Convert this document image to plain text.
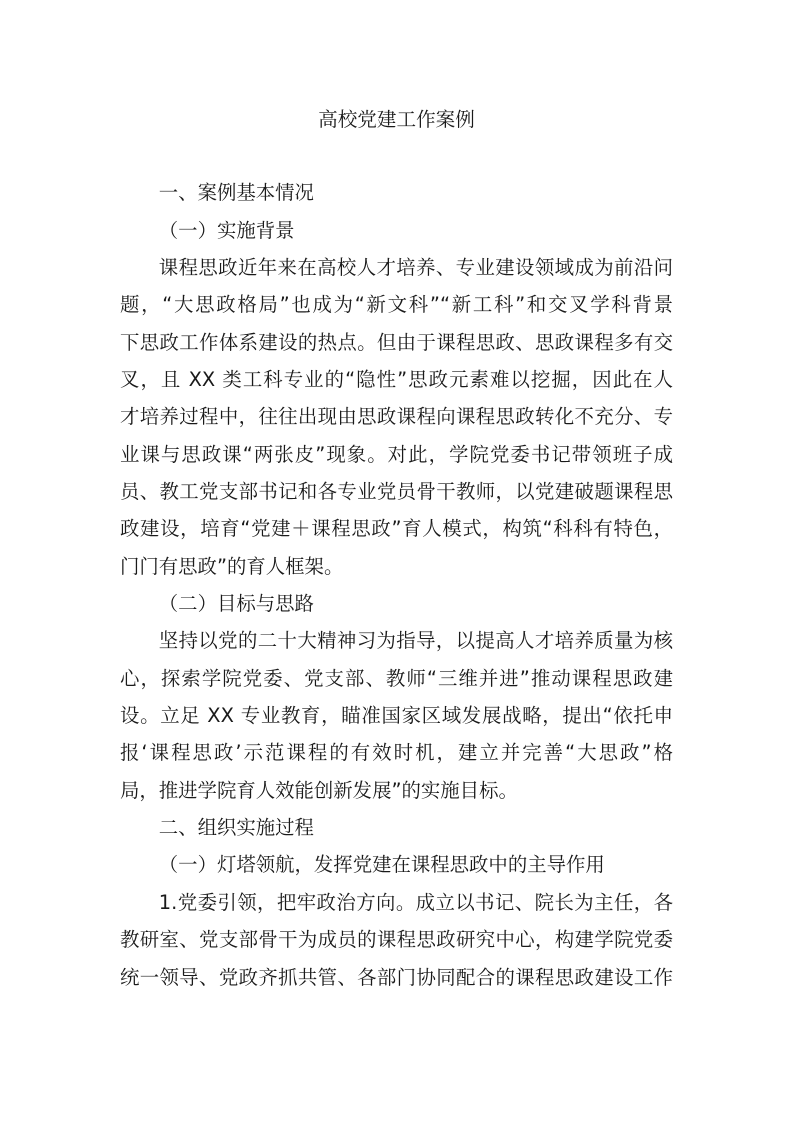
高校党建工作案例
一、案例基本情况
（一）实施背景
课程思政近年来在高校人才培养、专业建设领域成为前沿问
题，“大思政格局”也成为“新文科”“新工科”和交叉学科背景
下思政工作体系建设的热点。但由于课程思政、思政课程多有交
叉，且 XX 类工科专业的“隐性”思政元素难以挖掘，因此在人
才培养过程中，往往出现由思政课程向课程思政转化不充分、专
业课与思政课“两张皮”现象。对此，学院党委书记带领班子成
员、教工党支部书记和各专业党员骨干教师，以党建破题课程思
政建设，培育“党建＋课程思政”育人模式，构筑“科科有特色，
门门有思政”的育人框架。
（二）目标与思路
坚持以党的二十大精神习为指导，以提高人才培养质量为核
心，探索学院党委、党支部、教师“三维并进”推动课程思政建
设。立足 XX 专业教育，瞄准国家区域发展战略，提出“依托申
报‘课程思政’示范课程的有效时机，建立并完善“大思政”格
局，推进学院育人效能创新发展”的实施目标。
二、组织实施过程
（一）灯塔领航，发挥党建在课程思政中的主导作用
1.党委引领，把牢政治方向。成立以书记、院长为主任，各
教研室、党支部骨干为成员的课程思政研究中心，构建学院党委
统一领导、党政齐抓共管、各部门协同配合的课程思政建设工作
